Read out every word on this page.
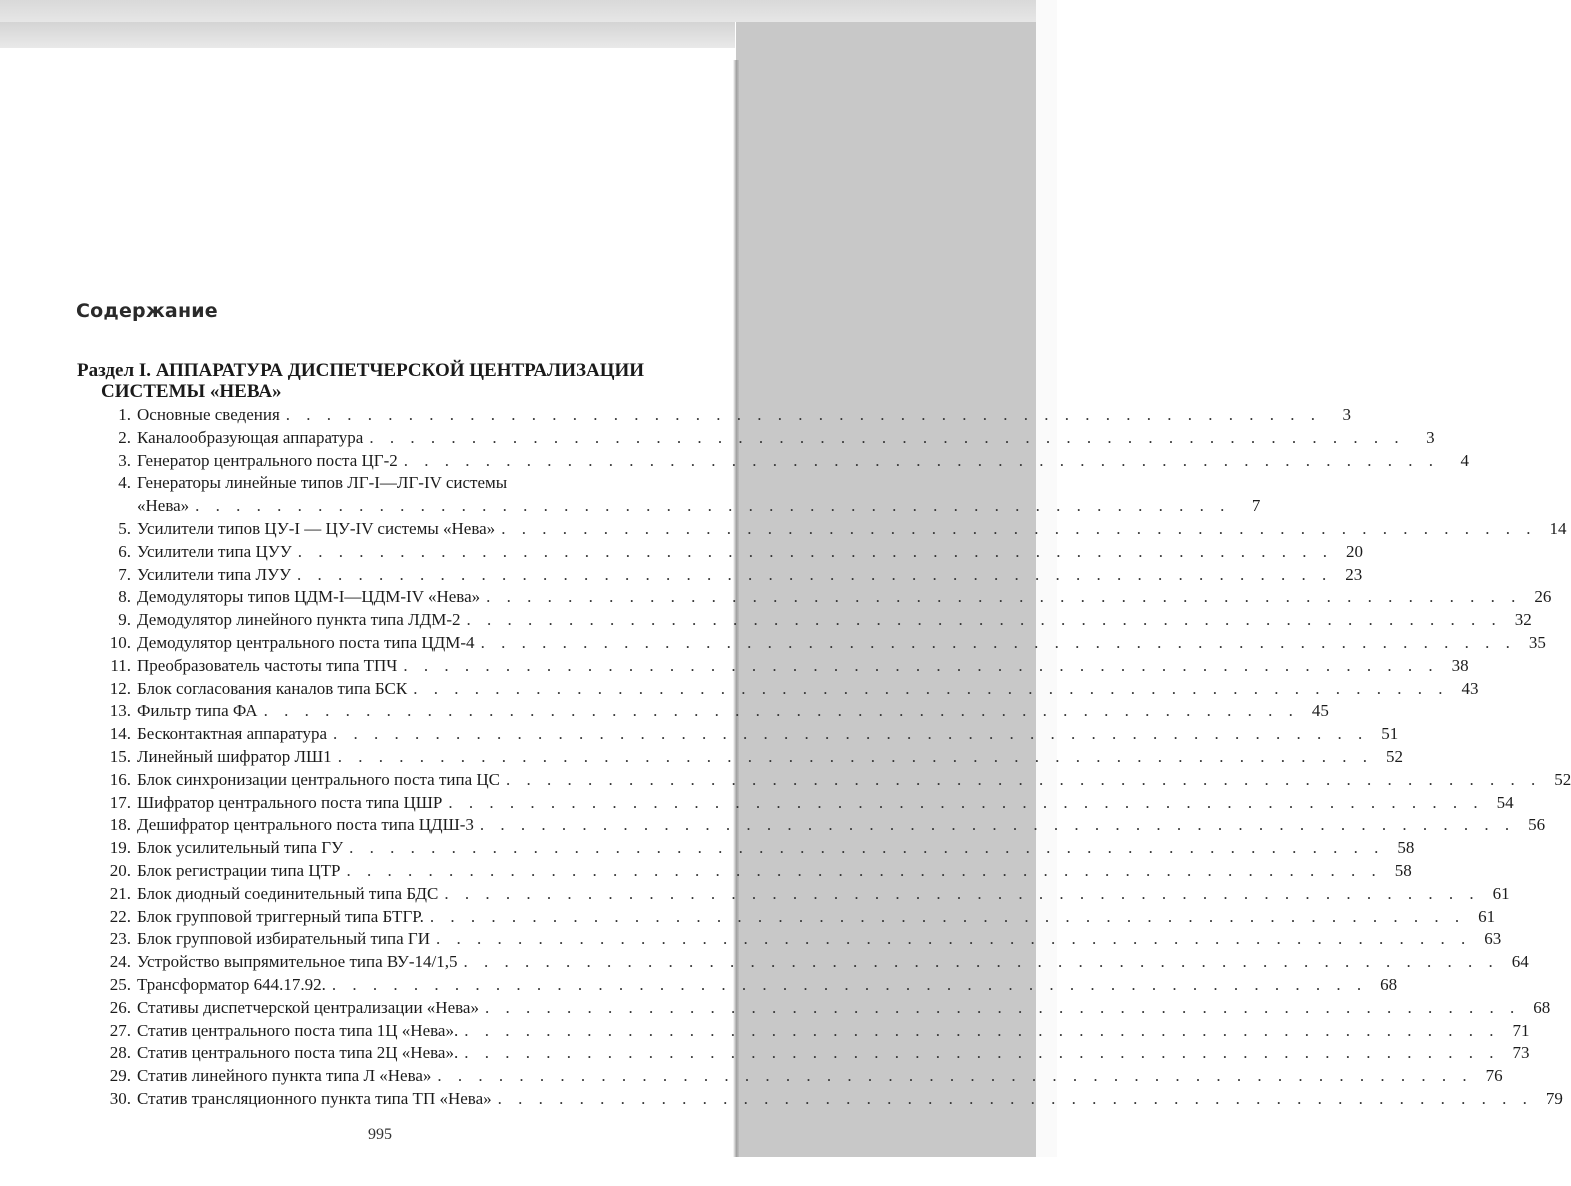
Содержание
Раздел I. АППАРАТУРА ДИСПЕТЧЕРСКОЙ ЦЕНТРАЛИЗАЦИИ
СИСТЕМЫ «НЕВА»
1. Основные сведения . . . . . . . . . . . . . . . . . . . . . . . . . . . . . . . . . . . . . . . . . . . . . . . . . . .	3
2. Каналообразующая аппаратура . . . . . . . . . . . . . . . . . . . . . . . . . . . . . . . . . . . . . . . . . . . . . . . . . . .	3
3. Генератор центрального поста ЦГ-2 . . . . . . . . . . . . . . . . . . . . . . . . . . . . . . . . . . . . . . . . . . . . . . . . . . .	4
4. Генераторы линейные типов ЛГ-I—ЛГ-IV системы
«Нева» . . . . . . . . . . . . . . . . . . . . . . . . . . . . . . . . . . . . . . . . . . . . . . . . . . .	7
5. Усилители типов ЦУ-I — ЦУ-IV системы «Нева» . . . . . . . . . . . . . . . . . . . . . . . . . . . . . . . . . . . . . . . . . . . . . . . . . . . 14
6. Усилители типа ЦУУ . . . . . . . . . . . . . . . . . . . . . . . . . . . . . . . . . . . . . . . . . . . . . . . . . . . 20
7. Усилители типа ЛУУ . . . . . . . . . . . . . . . . . . . . . . . . . . . . . . . . . . . . . . . . . . . . . . . . . . . 23
8. Демодуляторы типов ЦДМ-I—ЦДМ-IV «Нева» . . . . . . . . . . . . . . . . . . . . . . . . . . . . . . . . . . . . . . . . . . . . . . . . . . . 26
9. Демодулятор линейного пункта типа ЛДМ-2 . . . . . . . . . . . . . . . . . . . . . . . . . . . . . . . . . . . . . . . . . . . . . . . . . . . 32
10. Демодулятор центрального поста типа ЦДМ-4 . . . . . . . . . . . . . . . . . . . . . . . . . . . . . . . . . . . . . . . . . . . . . . . . . . . 35
11. Преобразователь частоты типа ТПЧ . . . . . . . . . . . . . . . . . . . . . . . . . . . . . . . . . . . . . . . . . . . . . . . . . . . 38
12. Блок согласования каналов типа БСК . . . . . . . . . . . . . . . . . . . . . . . . . . . . . . . . . . . . . . . . . . . . . . . . . . . 43
13. Фильтр типа ФА . . . . . . . . . . . . . . . . . . . . . . . . . . . . . . . . . . . . . . . . . . . . . . . . . . . 45
14. Бесконтактная аппаратура . . . . . . . . . . . . . . . . . . . . . . . . . . . . . . . . . . . . . . . . . . . . . . . . . . . 51
15. Линейный шифратор ЛШ1 . . . . . . . . . . . . . . . . . . . . . . . . . . . . . . . . . . . . . . . . . . . . . . . . . . . 52
16. Блок синхронизации центрального поста типа ЦС . . . . . . . . . . . . . . . . . . . . . . . . . . . . . . . . . . . . . . . . . . . . . . . . . . . 52
17. Шифратор центрального поста типа ЦШР . . . . . . . . . . . . . . . . . . . . . . . . . . . . . . . . . . . . . . . . . . . . . . . . . . . 54
18. Дешифратор центрального поста типа ЦДШ-3 . . . . . . . . . . . . . . . . . . . . . . . . . . . . . . . . . . . . . . . . . . . . . . . . . . . 56
19. Блок усилительный типа ГУ . . . . . . . . . . . . . . . . . . . . . . . . . . . . . . . . . . . . . . . . . . . . . . . . . . . 58
20. Блок регистрации типа ЦТР . . . . . . . . . . . . . . . . . . . . . . . . . . . . . . . . . . . . . . . . . . . . . . . . . . . 58
21. Блок диодный соединительный типа БДС . . . . . . . . . . . . . . . . . . . . . . . . . . . . . . . . . . . . . . . . . . . . . . . . . . . 61
22. Блок групповой триггерный типа БТГР. . . . . . . . . . . . . . . . . . . . . . . . . . . . . . . . . . . . . . . . . . . . . . . . . . . . 61
23. Блок групповой избирательный типа ГИ . . . . . . . . . . . . . . . . . . . . . . . . . . . . . . . . . . . . . . . . . . . . . . . . . . . 63
24. Устройство выпрямительное типа ВУ-14/1,5 . . . . . . . . . . . . . . . . . . . . . . . . . . . . . . . . . . . . . . . . . . . . . . . . . . . 64
25. Трансформатор 644.17.92. . . . . . . . . . . . . . . . . . . . . . . . . . . . . . . . . . . . . . . . . . . . . . . . . . . . 68
26. Стативы диспетчерской централизации «Нева» . . . . . . . . . . . . . . . . . . . . . . . . . . . . . . . . . . . . . . . . . . . . . . . . . . . 68
27. Статив центрального поста типа 1Ц «Нева». . . . . . . . . . . . . . . . . . . . . . . . . . . . . . . . . . . . . . . . . . . . . . . . . . . . 71
28. Статив центрального поста типа 2Ц «Нева». . . . . . . . . . . . . . . . . . . . . . . . . . . . . . . . . . . . . . . . . . . . . . . . . . . . 73
29. Статив линейного пункта типа Л «Нева» . . . . . . . . . . . . . . . . . . . . . . . . . . . . . . . . . . . . . . . . . . . . . . . . . . . 76
30. Статив трансляционного пункта типа ТП «Нева» . . . . . . . . . . . . . . . . . . . . . . . . . . . . . . . . . . . . . . . . . . . . . . . . . . . 79
995
